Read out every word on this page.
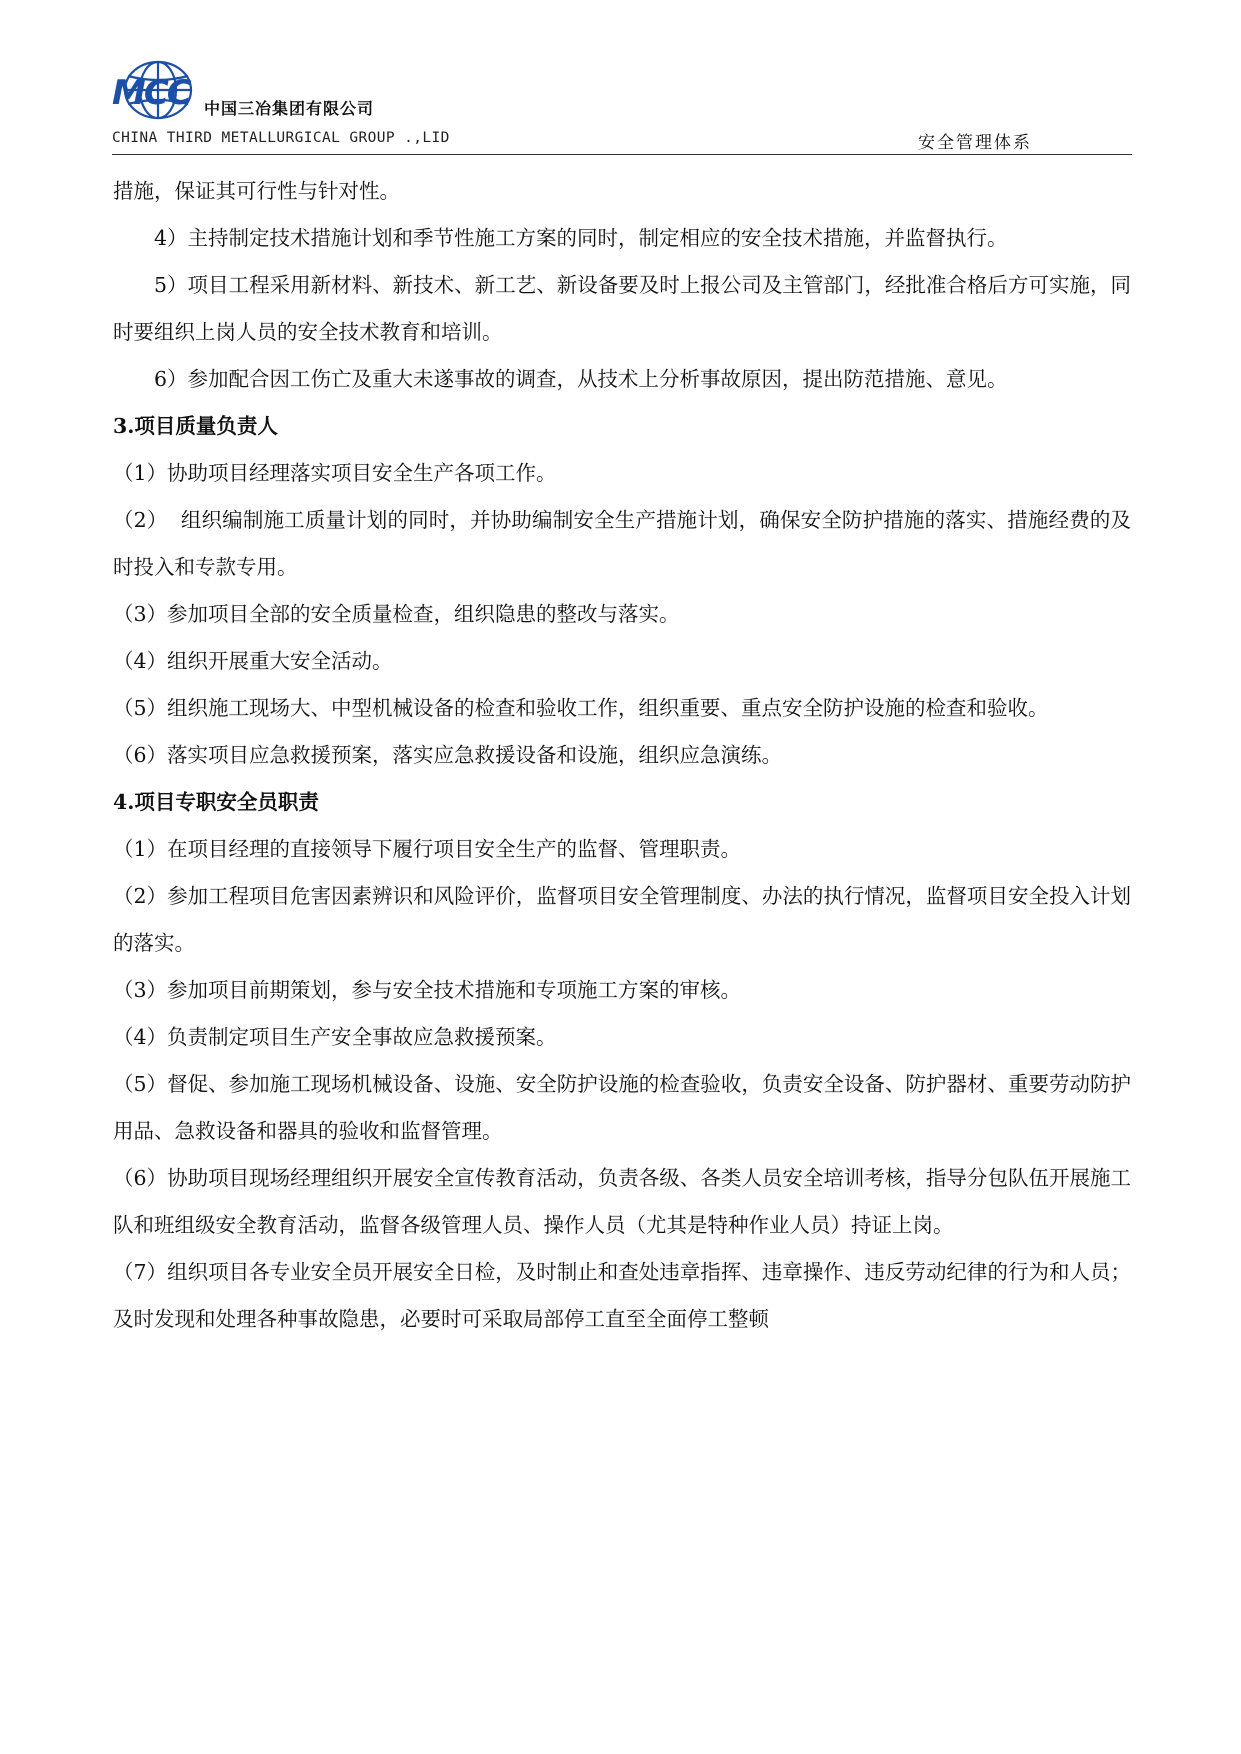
MCC 中国三冶集团有限公司
CHINA THIRD METALLURGICAL GROUP .,LID	安全管理体系

措施，保证其可行性与针对性。

4）主持制定技术措施计划和季节性施工方案的同时，制定相应的安全技术措施，并监督执行。

5）项目工程采用新材料、新技术、新工艺、新设备要及时上报公司及主管部门，经批准合格后方可实施，同时要组织上岗人员的安全技术教育和培训。

6）参加配合因工伤亡及重大未遂事故的调查，从技术上分析事故原因，提出防范措施、意见。

3.项目质量负责人

（1）协助项目经理落实项目安全生产各项工作。

（2）  组织编制施工质量计划的同时，并协助编制安全生产措施计划，确保安全防护措施的落实、措施经费的及时投入和专款专用。

（3）参加项目全部的安全质量检查，组织隐患的整改与落实。

（4）组织开展重大安全活动。

（5）组织施工现场大、中型机械设备的检查和验收工作，组织重要、重点安全防护设施的检查和验收。

（6）落实项目应急救援预案，落实应急救援设备和设施，组织应急演练。

4.项目专职安全员职责

（1）在项目经理的直接领导下履行项目安全生产的监督、管理职责。

（2）参加工程项目危害因素辨识和风险评价，监督项目安全管理制度、办法的执行情况，监督项目安全投入计划的落实。

（3）参加项目前期策划，参与安全技术措施和专项施工方案的审核。

（4）负责制定项目生产安全事故应急救援预案。

（5）督促、参加施工现场机械设备、设施、安全防护设施的检查验收，负责安全设备、防护器材、重要劳动防护用品、急救设备和器具的验收和监督管理。

（6）协助项目现场经理组织开展安全宣传教育活动，负责各级、各类人员安全培训考核，指导分包队伍开展施工队和班组级安全教育活动，监督各级管理人员、操作人员（尤其是特种作业人员）持证上岗。

（7）组织项目各专业安全员开展安全日检，及时制止和查处违章指挥、违章操作、违反劳动纪律的行为和人员；及时发现和处理各种事故隐患，必要时可采取局部停工直至全面停工整顿
